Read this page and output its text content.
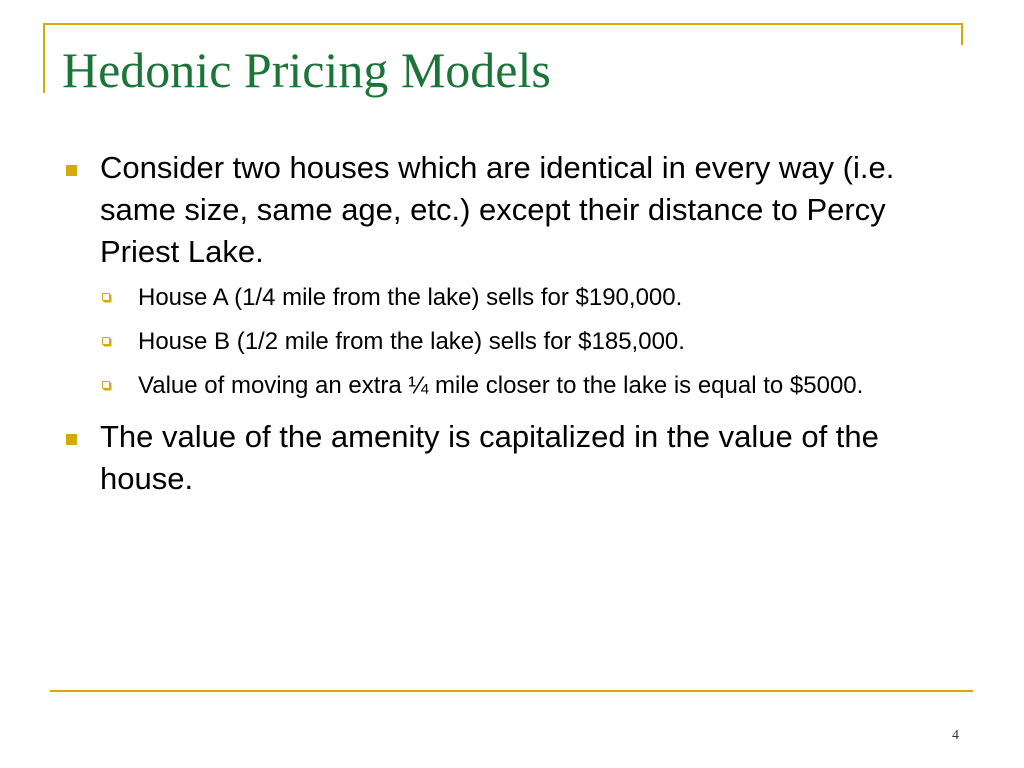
Hedonic Pricing Models
Consider two houses which are identical in every way (i.e. same size, same age, etc.) except their distance to Percy Priest Lake.
House A (1/4 mile from the lake) sells for $190,000.
House B (1/2 mile from the lake) sells for $185,000.
Value of moving an extra ¼ mile closer to the lake is equal to $5000.
The value of the amenity is capitalized in the value of the house.
4
